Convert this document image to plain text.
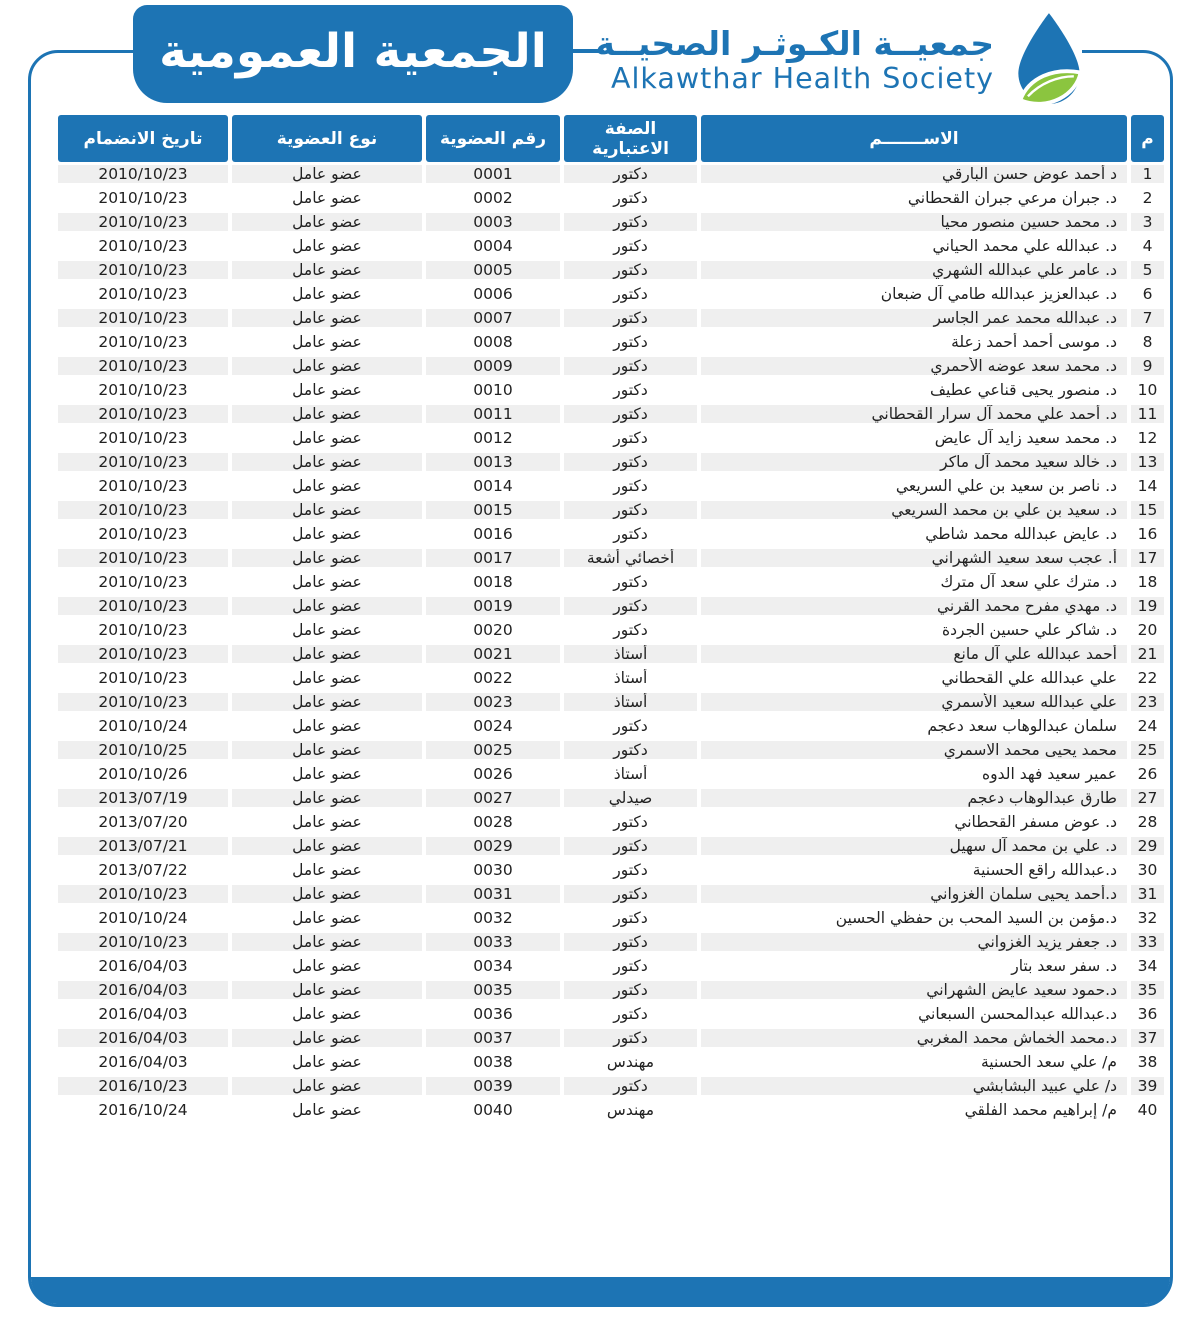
الجمعية العمومية جمعيــة الكـوثـر الصحيــة
Alkawthar Health Society
م	الاســـــــم	الصفة الاعتبارية	رقم العضوية	نوع العضوية	تاريخ الانضمام
1	د أحمد عوض حسن البارقي	دكتور	0001	عضو عامل	2010/10/23
2	د. جبران مرعي جبران القحطاني	دكتور	0002	عضو عامل	2010/10/23
3	د. محمد حسين منصور محيا	دكتور	0003	عضو عامل	2010/10/23
4	د. عبدالله علي محمد الحياني	دكتور	0004	عضو عامل	2010/10/23
5	د. عامر علي عبدالله الشهري	دكتور	0005	عضو عامل	2010/10/23
6	د. عبدالعزيز عبدالله طامي آل ضبعان	دكتور	0006	عضو عامل	2010/10/23
7	د. عبدالله محمد عمر الجاسر	دكتور	0007	عضو عامل	2010/10/23
8	د. موسى أحمد أحمد زعلة	دكتور	0008	عضو عامل	2010/10/23
9	د. محمد سعد عوضه الأحمري	دكتور	0009	عضو عامل	2010/10/23
10	د. منصور يحيى قناعي عطيف	دكتور	0010	عضو عامل	2010/10/23
11	د. أحمد علي محمد آل سرار القحطاني	دكتور	0011	عضو عامل	2010/10/23
12	د. محمد سعيد زايد آل عايض	دكتور	0012	عضو عامل	2010/10/23
13	د. خالد سعيد محمد آل ماكر	دكتور	0013	عضو عامل	2010/10/23
14	د. ناصر بن سعيد بن علي السريعي	دكتور	0014	عضو عامل	2010/10/23
15	د. سعيد بن علي بن محمد السريعي	دكتور	0015	عضو عامل	2010/10/23
16	د. عايض عبدالله محمد شاطي	دكتور	0016	عضو عامل	2010/10/23
17	أ. عجب سعد سعيد الشهراني	أخصائي أشعة	0017	عضو عامل	2010/10/23
18	د. مترك علي سعد آل مترك	دكتور	0018	عضو عامل	2010/10/23
19	د. مهدي مفرح محمد القرني	دكتور	0019	عضو عامل	2010/10/23
20	د. شاكر علي حسين الجردة	دكتور	0020	عضو عامل	2010/10/23
21	أحمد عبدالله علي آل مانع	أستاذ	0021	عضو عامل	2010/10/23
22	علي عبدالله علي القحطاني	أستاذ	0022	عضو عامل	2010/10/23
23	علي عبدالله سعيد الأسمري	أستاذ	0023	عضو عامل	2010/10/23
24	سلمان عبدالوهاب سعد دعجم	دكتور	0024	عضو عامل	2010/10/24
25	محمد يحيى محمد الاسمري	دكتور	0025	عضو عامل	2010/10/25
26	عمير سعيد فهد الدوه	أستاذ	0026	عضو عامل	2010/10/26
27	طارق عبدالوهاب دعجم	صيدلي	0027	عضو عامل	2013/07/19
28	د. عوض مسفر القحطاني	دكتور	0028	عضو عامل	2013/07/20
29	د. علي بن محمد آل سهيل	دكتور	0029	عضو عامل	2013/07/21
30	د.عبدالله راقع الحسنية	دكتور	0030	عضو عامل	2013/07/22
31	د.أحمد يحيى سلمان الغزواني	دكتور	0031	عضو عامل	2010/10/23
32	د.مؤمن بن السيد المحب بن حفظي الحسين	دكتور	0032	عضو عامل	2010/10/24
33	د. جعفر يزيد الغزواني	دكتور	0033	عضو عامل	2010/10/23
34	د. سفر سعد بتار	دكتور	0034	عضو عامل	2016/04/03
35	د.حمود سعيد عايض الشهراني	دكتور	0035	عضو عامل	2016/04/03
36	د.عبدالله عبدالمحسن السبعاني	دكتور	0036	عضو عامل	2016/04/03
37	د.محمد الخماش محمد المغربي	دكتور	0037	عضو عامل	2016/04/03
38	م/ علي سعد الحسنية	مهندس	0038	عضو عامل	2016/04/03
39	د/ علي عبيد البشابشي	دكتور	0039	عضو عامل	2016/10/23
40	م/ إبراهيم محمد الفلقي	مهندس	0040	عضو عامل	2016/10/24
